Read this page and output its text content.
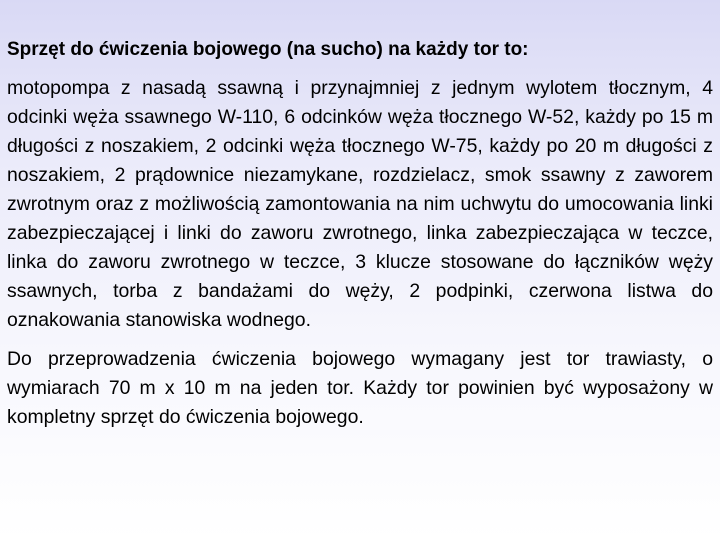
Sprzęt do ćwiczenia bojowego (na sucho) na każdy tor to:

motopompa z nasadą ssawną i przynajmniej z jednym wylotem tłocznym, 4 odcinki węża ssawnego W-110, 6 odcinków węża tłocznego W-52, każdy po 15 m długości z noszakiem, 2 odcinki węża tłocznego W-75, każdy po 20 m długości z noszakiem, 2 prądownice niezamykane, rozdzielacz, smok ssawny z zaworem zwrotnym oraz z możliwością zamontowania na nim uchwytu do umocowania linki zabezpieczającej i linki do zaworu zwrotnego, linka zabezpieczająca w teczce, linka do zaworu zwrotnego w teczce, 3 klucze stosowane do łączników węży ssawnych, torba z bandażami do węży, 2 podpinki, czerwona listwa do oznakowania stanowiska wodnego.

Do przeprowadzenia ćwiczenia bojowego wymagany jest tor trawiasty, o wymiarach 70 m x 10 m na jeden tor. Każdy tor powinien być wyposażony w kompletny sprzęt do ćwiczenia bojowego.
